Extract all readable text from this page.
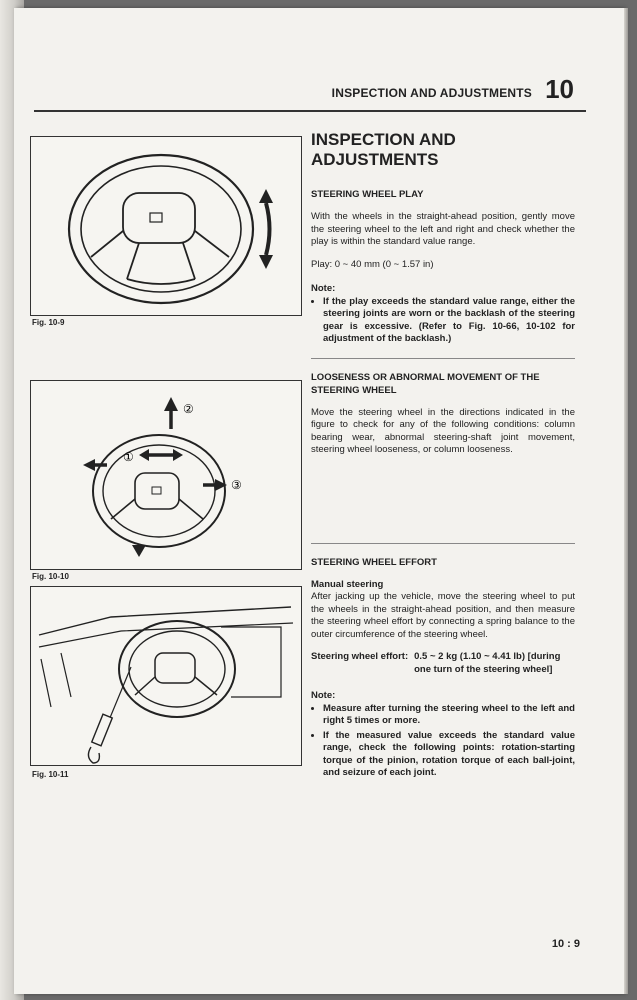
INSPECTION AND ADJUSTMENTS 10
Fig. 10-9
②
①
③
Fig. 10-10
Fig. 10-11
INSPECTION AND ADJUSTMENTS
STEERING WHEEL PLAY

With the wheels in the straight-ahead position, gently move the steering wheel to the left and right and check whether the play is within the standard value range.

Play: 0 ~ 40 mm (0 ~ 1.57 in)

Note:

• If the play exceeds the standard value range, either the steering joints are worn or the backlash of the steering gear is excessive. (Refer to Fig. 10-66, 10-102 for adjustment of the backlash.)
LOOSENESS OR ABNORMAL MOVEMENT OF THE STEERING WHEEL

Move the steering wheel in the directions indicated in the figure to check for any of the following conditions: column bearing wear, abnormal steering-shaft joint movement, steering wheel looseness, or column looseness.

STEERING WHEEL EFFORT

Manual steering

After jacking up the vehicle, move the steering wheel to put the wheels in the straight-ahead position, and then measure the steering wheel effort by connecting a spring balance to the outer circumference of the steering wheel.

Steering wheel effort: 0.5 ~ 2 kg (1.10 ~ 4.41 lb) [during one turn of the steering wheel]

Note:

• Measure after turning the steering wheel to the left and right 5 times or more.
• If the measured value exceeds the standard value range, check the following points: rotation-starting torque of the pinion, rotation torque of each ball-joint, and seizure of each joint.
10 : 9
